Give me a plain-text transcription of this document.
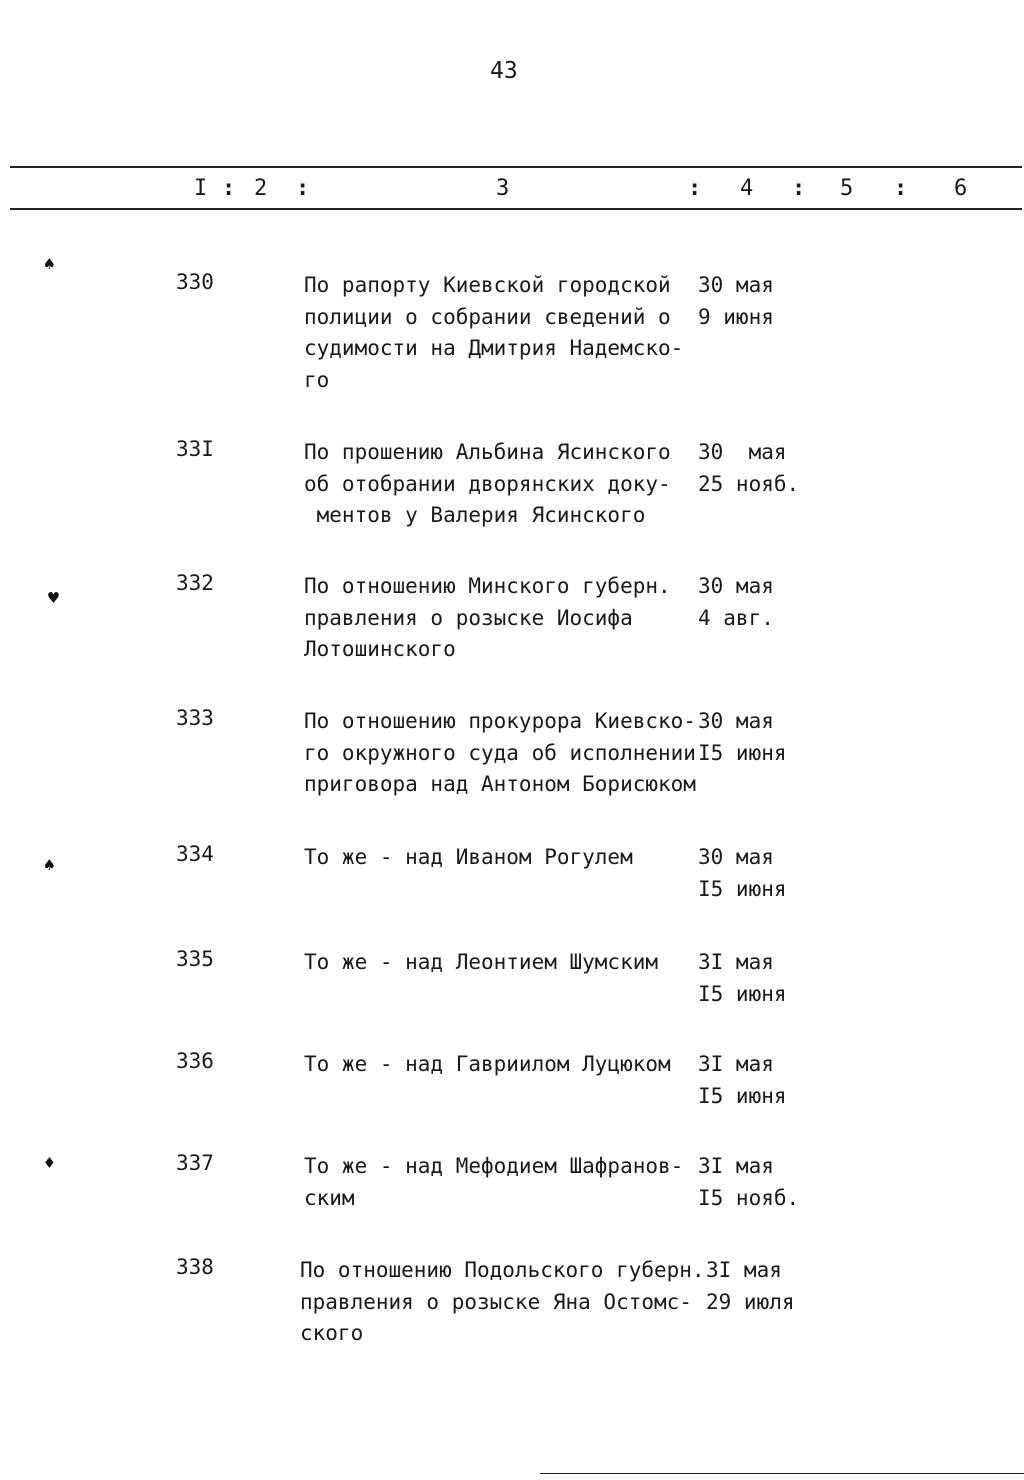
43
I : 2 :	3	: 4 : 5 : 6
330	По рапорту Киевской городской
полиции о собрании сведений о
судимости на Дмитрия Надемско-
го
30 мая
9 июня
33I	По прошению Альбина Ясинского
об отобрании дворянских доку-
ментов у Валерия Ясинского
30  мая
25 нояб.
332	По отношению Минского губерн.
правления о розыске Иосифа
Лотошинского
30 мая
4 авг.
333	По отношению прокурора Киевско-
го окружного суда об исполнении
приговора над Антоном Борисюком
30 мая
I5 июня
334	То же - над Иваном Рогулем	30 мая
I5 июня
335	То же - над Леонтием Шумским	3I мая
I5 июня
336	То же - над Гавриилом Луцюком	3I мая
I5 июня
337	То же - над Мефодием Шафранов-
ским
3I мая
I5 нояб.
338	По отношению Подольского губерн.
правления о розыске Яна Остомс-
ского
3I мая
29 июля
♠
♥
♠
♦
